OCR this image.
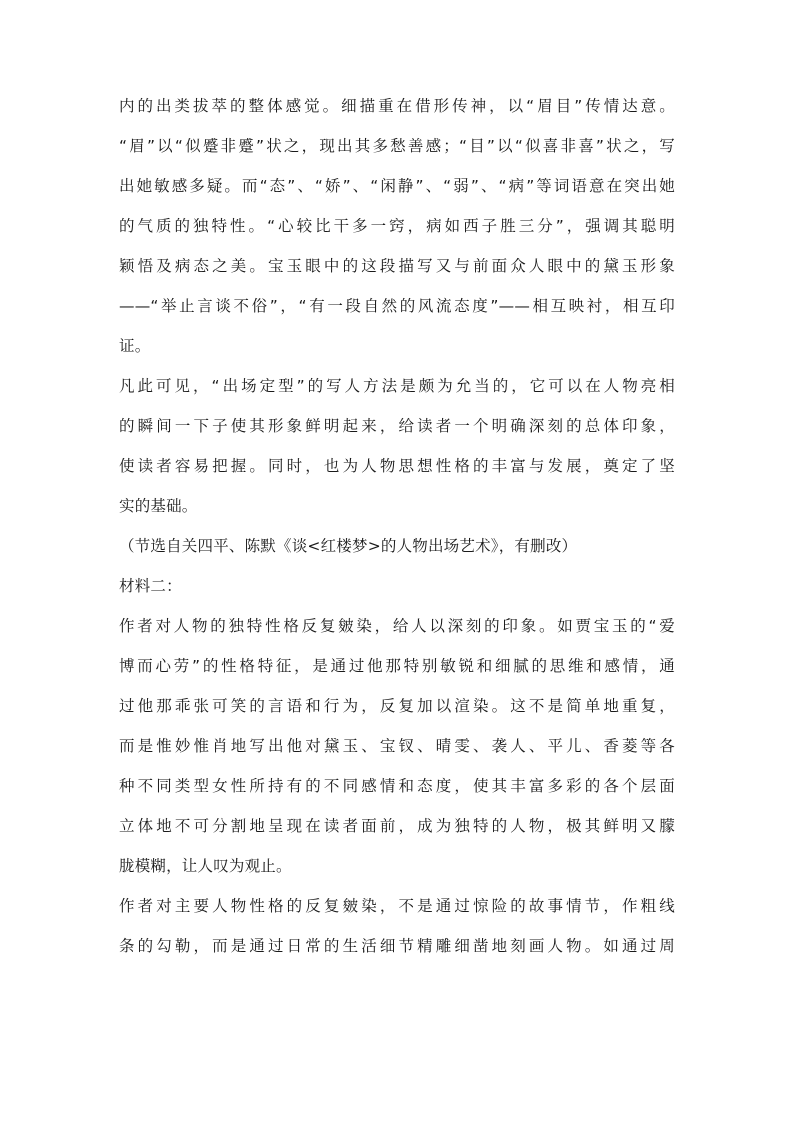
内的出类拔萃的整体感觉。细描重在借形传神，以“眉目”传情达意。
“眉”以“似蹙非蹙”状之，现出其多愁善感；“目”以“似喜非喜”状之，写
出她敏感多疑。而“态”、“娇”、“闲静”、“弱”、“病”等词语意在突出她
的气质的独特性。“心较比干多一窍，病如西子胜三分”，强调其聪明
颖悟及病态之美。宝玉眼中的这段描写又与前面众人眼中的黛玉形象
——“举止言谈不俗”，“有一段自然的风流态度”——相互映衬，相互印
证。
凡此可见，“出场定型”的写人方法是颇为允当的，它可以在人物亮相
的瞬间一下子使其形象鲜明起来，给读者一个明确深刻的总体印象，
使读者容易把握。同时，也为人物思想性格的丰富与发展，奠定了坚
实的基础。
（节选自关四平、陈默《谈<红楼梦>的人物出场艺术》，有删改）
材料二：
作者对人物的独特性格反复皴染，给人以深刻的印象。如贾宝玉的“爱
博而心劳”的性格特征，是通过他那特别敏锐和细腻的思维和感情，通
过他那乖张可笑的言语和行为，反复加以渲染。这不是简单地重复，
而是惟妙惟肖地写出他对黛玉、宝钗、晴雯、袭人、平儿、香菱等各
种不同类型女性所持有的不同感情和态度，使其丰富多彩的各个层面
立体地不可分割地呈现在读者面前，成为独特的人物，极其鲜明又朦
胧模糊，让人叹为观止。
作者对主要人物性格的反复皴染，不是通过惊险的故事情节，作粗线
条的勾勒，而是通过日常的生活细节精雕细凿地刻画人物。如通过周
